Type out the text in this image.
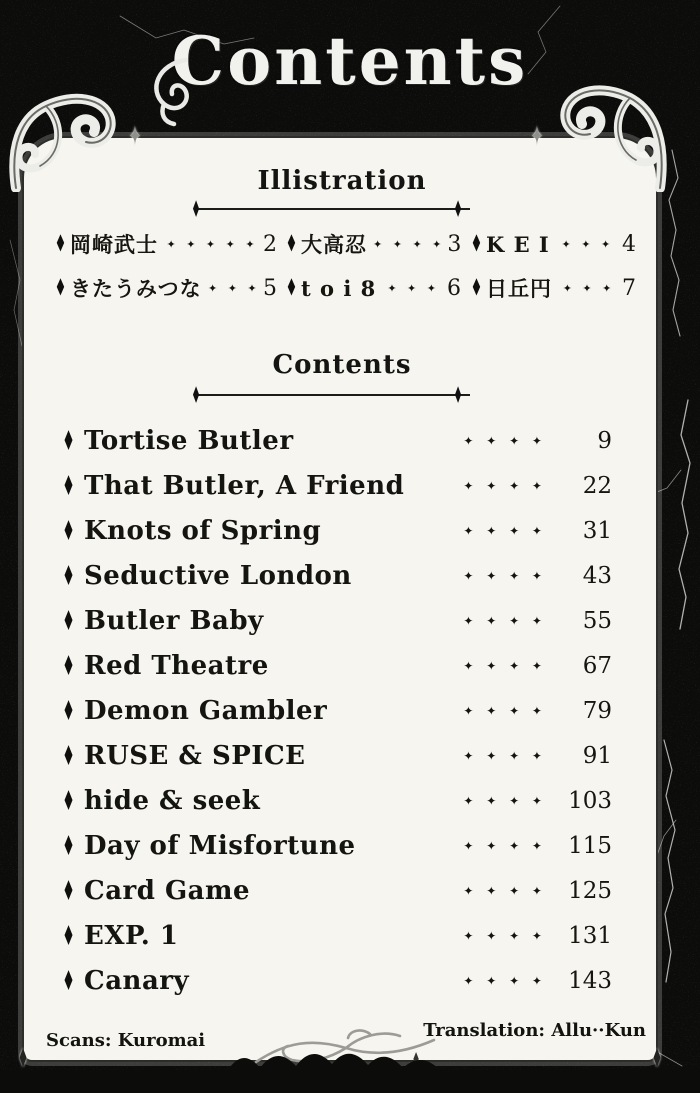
Contents
Illistration
♦	♦
♦ 岡崎武士 ✦ ✦ ✦ ✦ ✦ 2 ♦ 大高忍 ✦ ✦ ✦ ✦ 3 ♦ K E I	✦ ✦ ✦ 4
♦ きたうみつな ✦ ✦ ✦ 5 ♦ t o i 8	✦ ✦ ✦ 6 ♦ 日丘円 ✦ ✦ ✦ 7
Contents
♦	♦
♦ Tortise Butler	✦ ✦ ✦ ✦	9
♦ That Butler, A Friend	✦ ✦ ✦ ✦	22
♦ Knots of Spring	✦ ✦ ✦ ✦	31
♦ Seductive London	✦ ✦ ✦ ✦	43
♦ Butler Baby	✦ ✦ ✦ ✦	55
♦ Red Theatre	✦ ✦ ✦ ✦	67
♦ Demon Gambler	✦ ✦ ✦ ✦	79
♦ RUSE & SPICE	✦ ✦ ✦ ✦	91
♦ hide & seek	✦ ✦ ✦ ✦	103
♦ Day of Misfortune	✦ ✦ ✦ ✦	115
♦ Card Game	✦ ✦ ✦ ✦	125
♦ EXP. 1	✦ ✦ ✦ ✦	131
♦ Canary	✦ ✦ ✦ ✦	143
Scans: Kuromai	Translation: Allu··Kun
✦	✦
♦	♦
